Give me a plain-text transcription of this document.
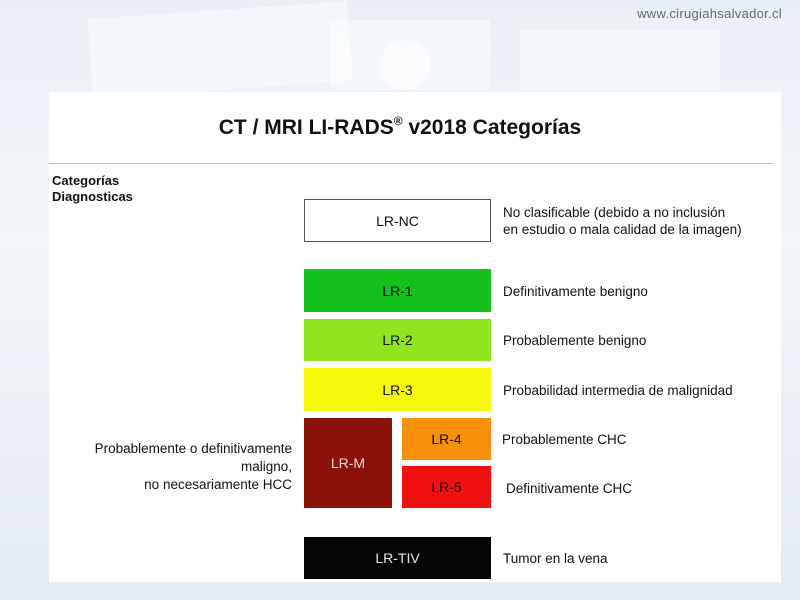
www.cirugiahsalvador.cl
CT / MRI LI-RADS® v2018 Categorías
Categorías
Diagnosticas
LR-NC	No clasificable (debido a no inclusión
en estudio o mala calidad de la imagen)
LR-1	Definitivamente benigno
LR-2	Probablemente benigno
LR-3	Probabilidad intermedia de malignidad
Probablemente o definitivamente
maligno,
no necesariamente HCC
LR-M
LR-4	Probablemente CHC
LR-5	Definitivamente CHC
LR-TIV	Tumor en la vena
